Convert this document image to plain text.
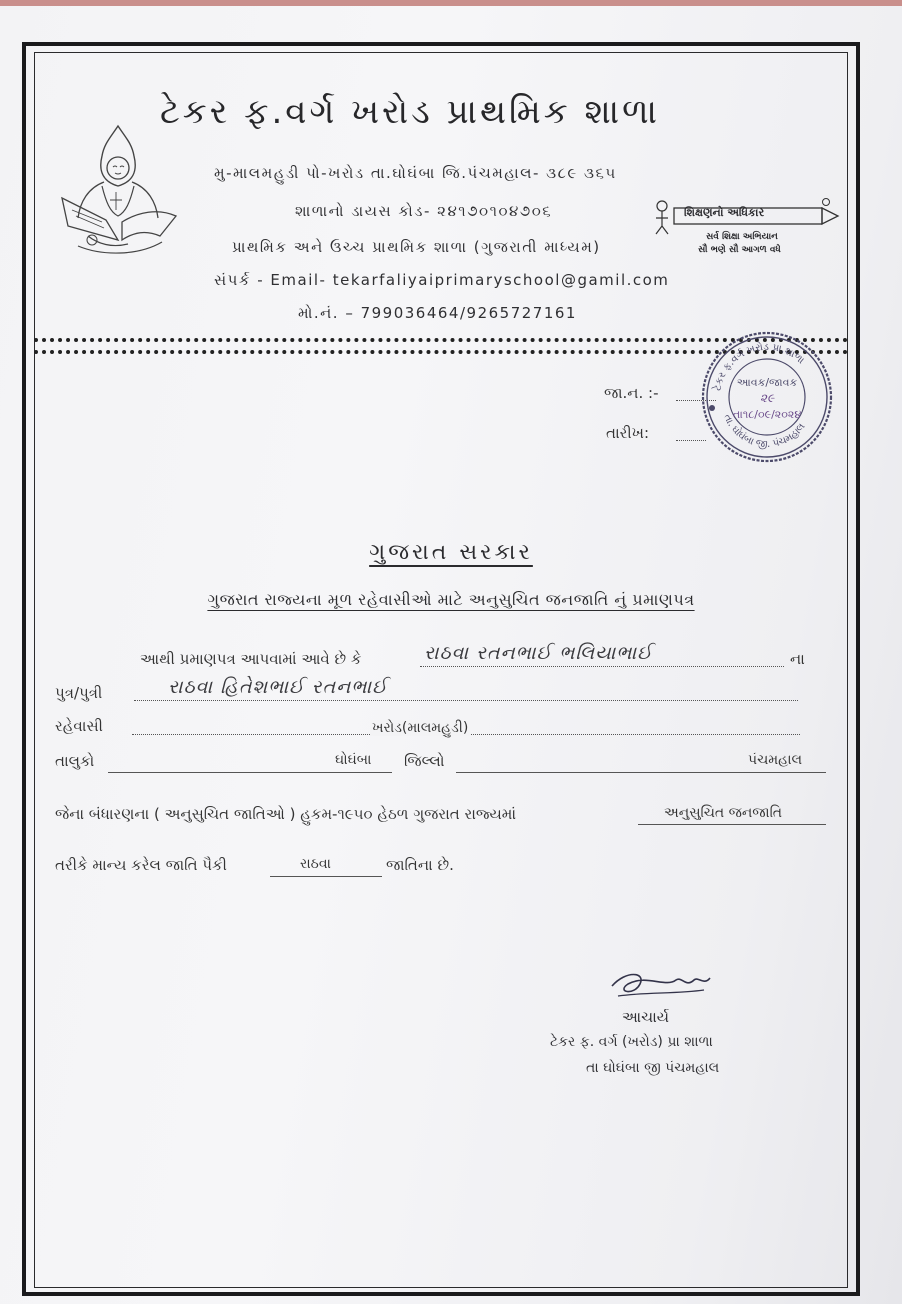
ટેકર ફ.વર્ગ ખરોડ પ્રાથમિક શાળા
મુ-માલમહુડી પો-ખરોડ તા.ઘોઘંબા જિ.પંચમહાલ- ૩૮૯ ૩૬૫
શાળાનો ડાયસ કોડ- ૨૪૧૭૦૧૦૪૭૦૬
પ્રાથમિક અને ઉચ્ચ પ્રાથમિક શાળા (ગુજરાતી માધ્યમ)
સંપર્ક - Email- tekarfaliyaiprimaryschool@gamil.com
મો.નં. – 799036464/9265727161
શિક્ષણનો અધિકાર
સર્વ શિક્ષા અભિયાન
સૌ ભણે સૌ આગળ વધે
જા.ન. :-
તારીખ:
ટેકર ફ.વર્ગ ખરોડ પ્રા.શાળા
તા. ઘોઘંબા જી. પંચમહાલ
આવક/જાવક
૨૯
તા૧૮/૦૯/૨૦૨૪
ગુજરાત સરકાર
ગુજરાત રાજ્યના મૂળ રહેવાસીઓ માટે અનુસુચિત જનજાતિ નું પ્રમાણપત્ર
આથી પ્રમાણપત્ર આપવામાં આવે છે કે	રાઠવા રતનભાઈ ભલિયાભાઈ	ના
પુત્ર/પુત્રી	રાઠવા હિતેશભાઈ રતનભાઈ
રહેવાસી	ખરોડ(માલમહુડી)
તાલુકો	ઘોઘંબા જિલ્લો	પંચમહાલ
જેના બંધારણના ( અનુસુચિત જાતિઓ ) હુકમ-૧૯૫૦ હેઠળ ગુજરાત રાજ્યમાં	અનુસુચિત જનજાતિ
તરીકે માન્ય કરેલ જાતિ પૈકી	રાઠવા	જાતિના છે.
આચાર્ય
ટેકર ફ. વર્ગ (ખરોડ) પ્રા શાળા
તા ઘોઘંબા જી પંચમહાલ
